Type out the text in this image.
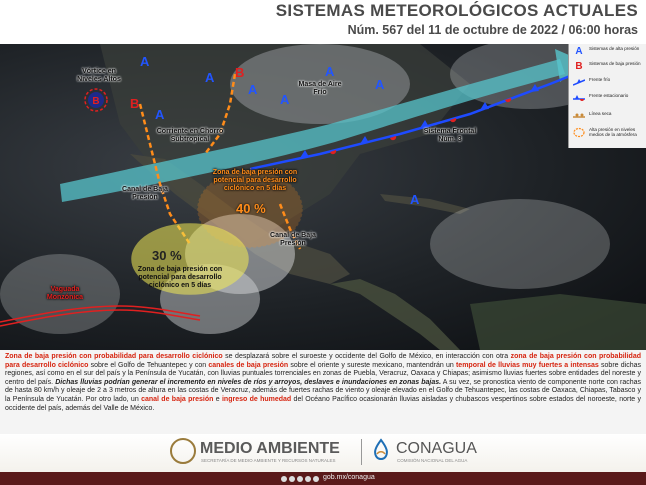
SISTEMAS METEOROLÓGICOS ACTUALES
Núm. 567 del 11 de octubre de 2022 / 06:00 horas
B
A
A
A
A
A
A
A
A
B
B
Vórtice en Niveles Altos
Masa de Aire Frío
Corriente en Chorro Subtropical
Sistema Frontal Núm. 3
Canal de Baja Presión
Canal de Baja Presión
Zona de baja presión con potencial para desarrollo ciclónico en 5 días
40 %
30 %
Zona de baja presión con potencial para desarrollo ciclónico en 5 días
Vaguada Monzónica
A	Sistemas de alta presión
B	Sistemas de baja presión
Frente frío
Frente estacionario
Línea seca
Alta presión en niveles medios de la atmósfera
Zona de baja presión con probabilidad para desarrollo ciclónico se desplazará sobre el suroeste y occidente del Golfo de México, en interacción con otra zona de baja presión con probabilidad para desarrollo ciclónico sobre el Golfo de Tehuantepec y con canales de baja presión sobre el oriente y sureste mexicano, mantendrán un temporal de lluvias muy fuertes a intensas sobre dichas regiones, así como en el sur del país y la Península de Yucatán, con lluvias puntuales torrenciales en zonas de Puebla, Veracruz, Oaxaca y Chiapas; asimismo lluvias fuertes sobre entidades del noreste y centro del país. Dichas lluvias podrían generar el incremento en niveles de ríos y arroyos, deslaves e inundaciones en zonas bajas. A su vez, se pronostica viento de componente norte con rachas de hasta 80 km/h y oleaje de 2 a 3 metros de altura en las costas de Veracruz, además de fuertes rachas de viento y oleaje elevado en el Golfo de Tehuantepec, las costas de Oaxaca, Chiapas, Tabasco y la Península de Yucatán. Por otro lado, un canal de baja presión e ingreso de humedad del Océano Pacífico ocasionarán lluvias aisladas y chubascos vespertinos sobre estados del noroeste, norte y occidente del país, además del Valle de México.
MEDIO AMBIENTE
SECRETARÍA DE MEDIO AMBIENTE Y RECURSOS NATURALES
CONAGUA
COMISIÓN NACIONAL DEL AGUA
gob.mx/conagua
